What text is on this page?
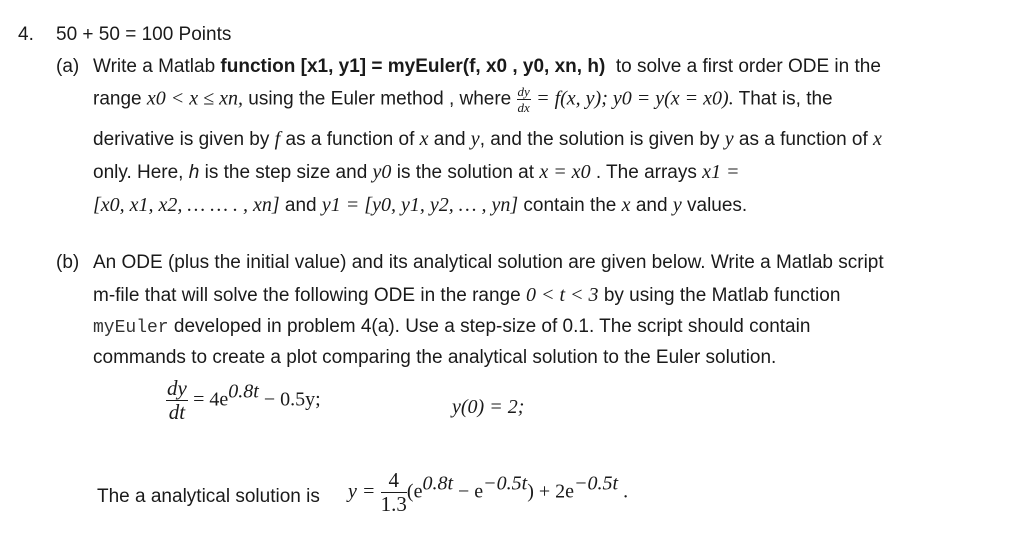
4. 50 + 50 = 100 Points
(a) Write a Matlab function [x1, y1] = myEuler(f, x0 , y0, xn, h) to solve a first order ODE in the
range x0 < x ≤ xn, using the Euler method , where $\frac{dy}{dx} = f(x$, y); y0 = y(x = x0). That is, the
derivative is given by f as a function of x and y, and the solution is given by y as a function of x
only. Here, h is the step size and y0 is the solution at x = x0 . The arrays x1 =
[x0, x1, x2, … … . , xn] and y1 = [y0, y1, y2, … , yn] contain the x and y values.
(b) An ODE (plus the initial value) and its analytical solution are given below. Write a Matlab script
m-file that will solve the following ODE in the range 0 < t < 3 by using the Matlab function
myEuler developed in problem 4(a). Use a step-size of 0.1. The script should contain
commands to create a plot comparing the analytical solution to the Euler solution.
$\frac{dy}{dt} = 4e^{0.8t} - 0.5y$;	y(0) = 2;
The a analytical solution is $y = \frac{4}{1.3} (e^{0.8t} - e^{-0.5t}) + 2e^{-0.5t}$ .
